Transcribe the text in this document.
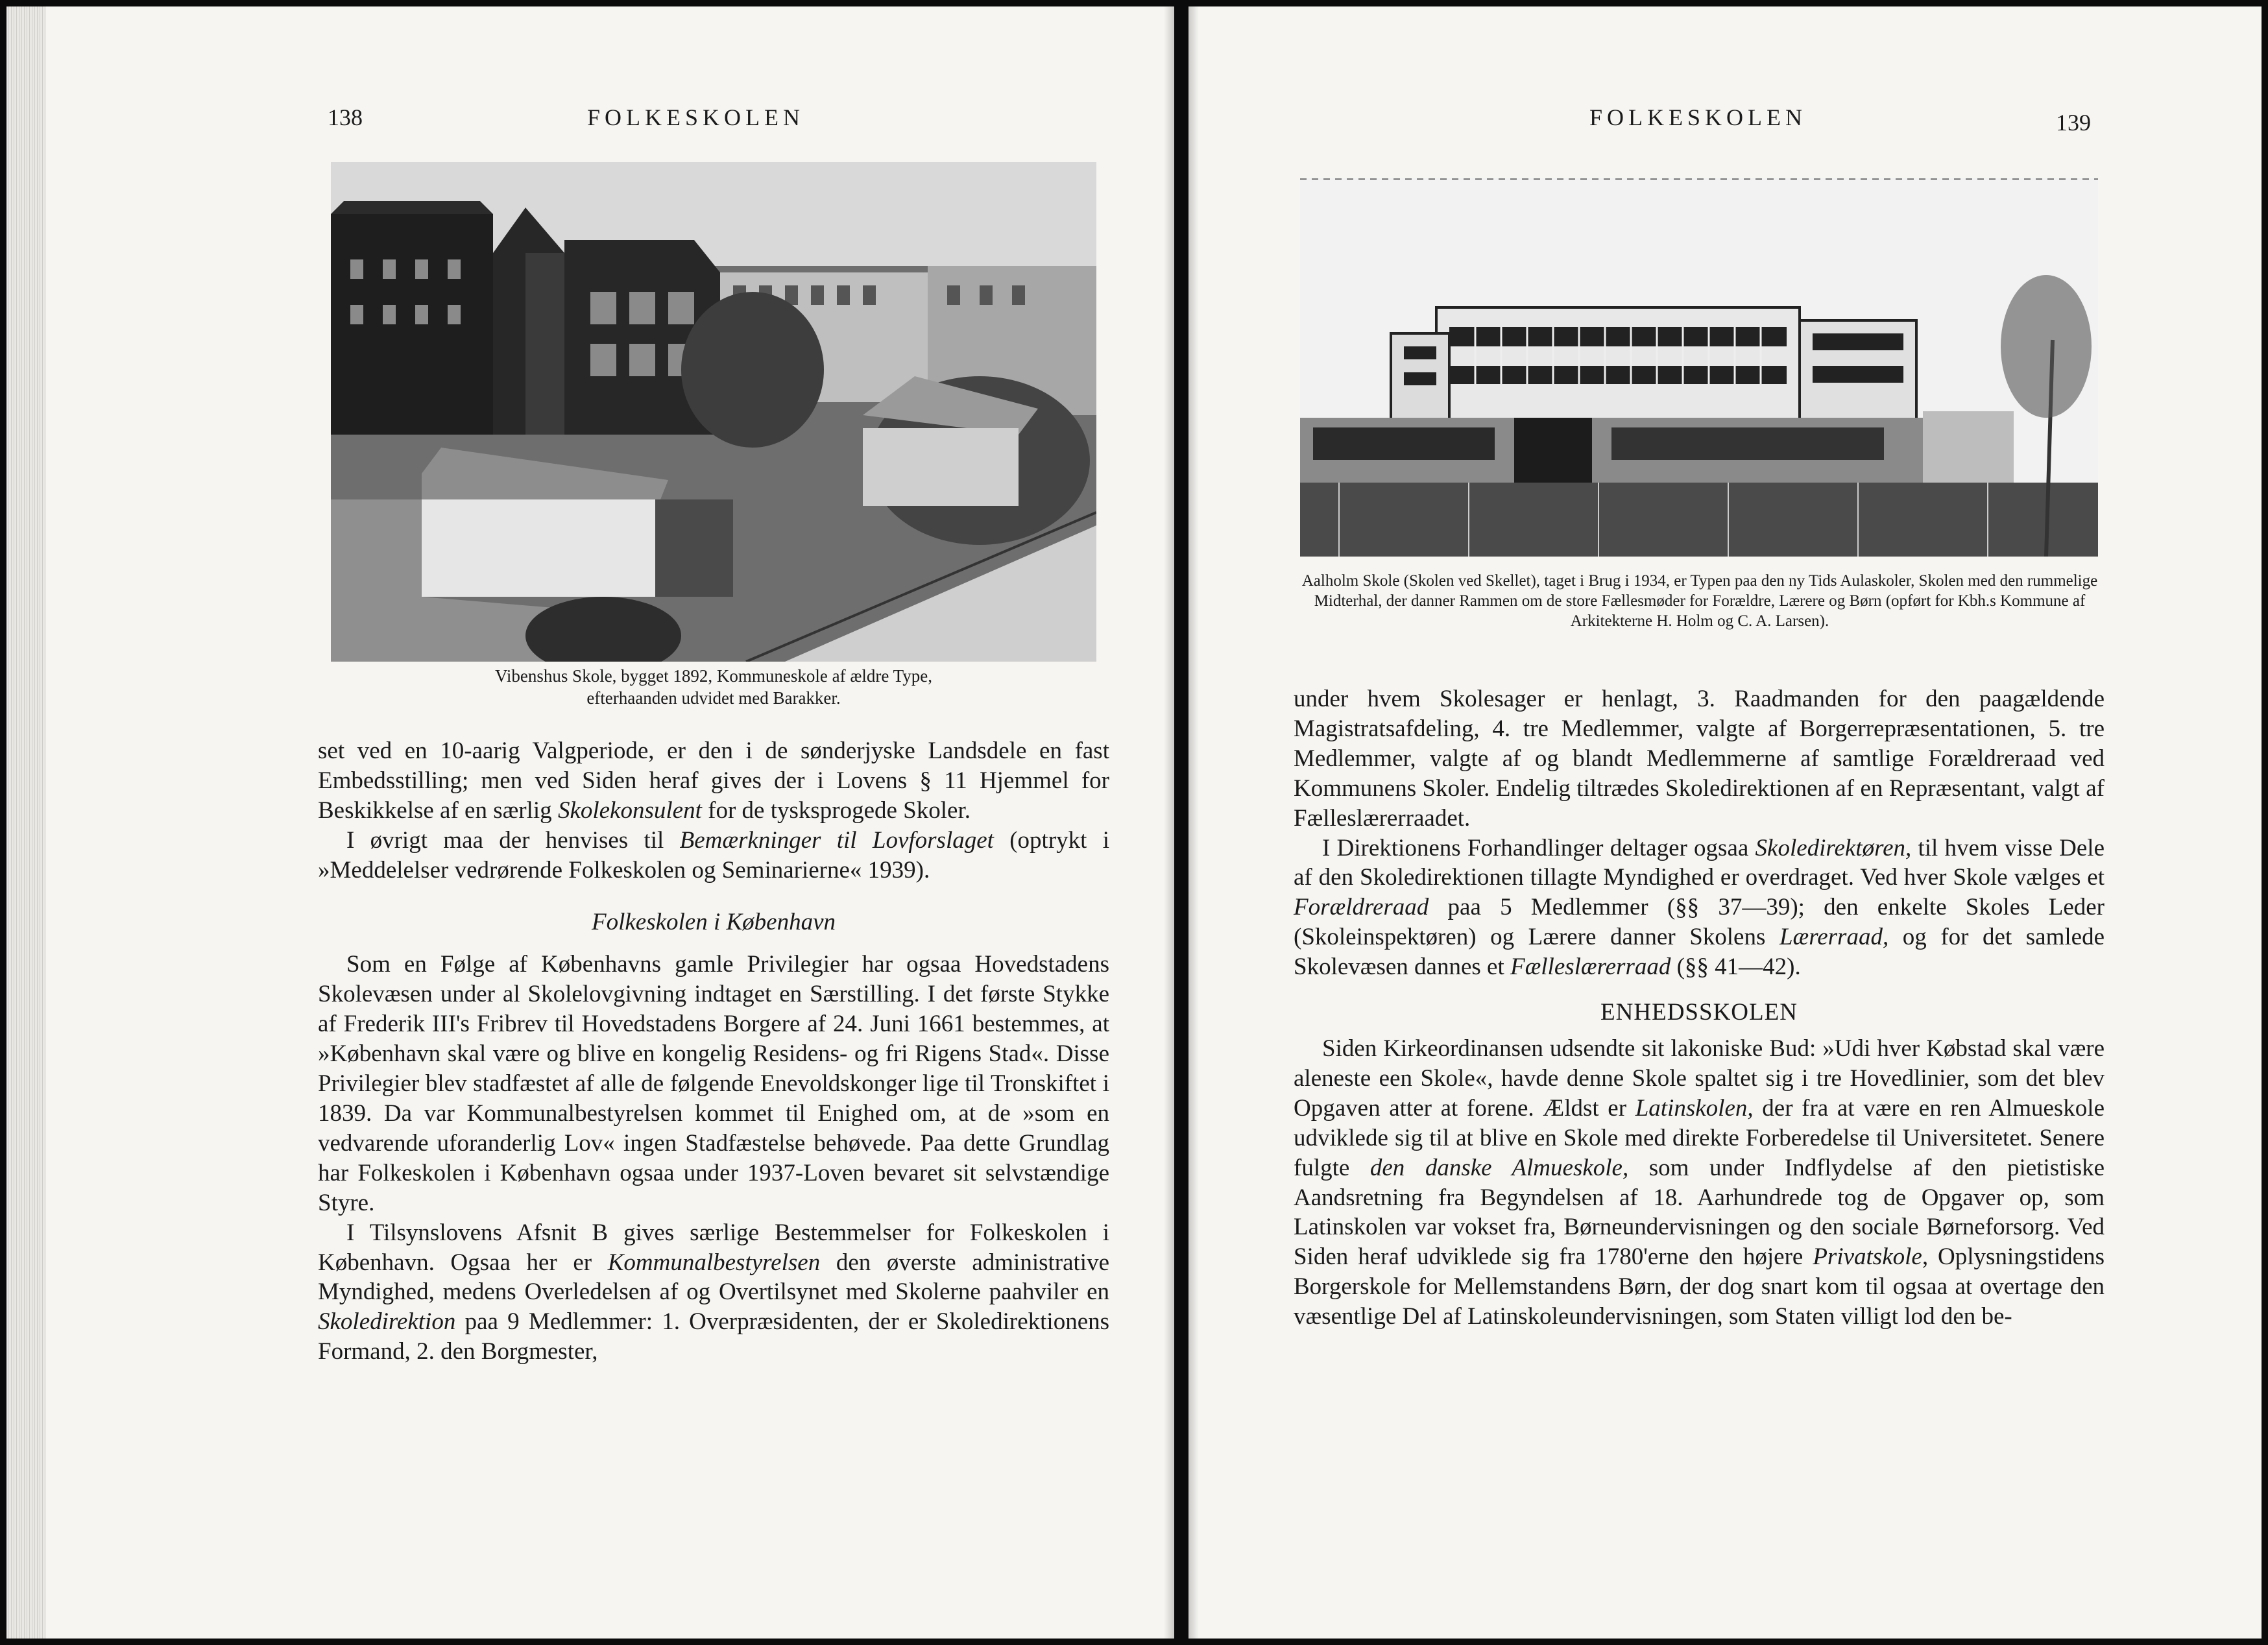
138	FOLKESKOLEN
Vibenshus Skole, bygget 1892, Kommuneskole af ældre Type,
efterhaanden udvidet med Barakker.

set ved en 10-aarig Valgperiode, er den i de sønderjyske Landsdele en fast Embedsstilling; men ved Siden heraf gives der i Lovens § 11 Hjemmel for Beskikkelse af en særlig Skolekonsulent for de tysksprogede Skoler.

I øvrigt maa der henvises til Bemærkninger til Lovforslaget (optrykt i »Meddelelser vedrørende Folkeskolen og Seminarierne« 1939).

Folkeskolen i København

Som en Følge af Københavns gamle Privilegier har ogsaa Hovedstadens Skolevæsen under al Skolelovgivning indtaget en Særstilling. I det første Stykke af Frederik III's Fribrev til Hovedstadens Borgere af 24. Juni 1661 bestemmes, at »København skal være og blive en kongelig Residens- og fri Rigens Stad«. Disse Privilegier blev stadfæstet af alle de følgende Enevoldskonger lige til Tronskiftet i 1839. Da var Kommunalbestyrelsen kommet til Enighed om, at de »som en vedvarende uforanderlig Lov« ingen Stadfæstelse behøvede. Paa dette Grundlag har Folkeskolen i København ogsaa under 1937-Loven bevaret sit selvstændige Styre.

I Tilsynslovens Afsnit B gives særlige Bestemmelser for Folkeskolen i København. Ogsaa her er Kommunalbestyrelsen den øverste administrative Myndighed, medens Overledelsen af og Overtilsynet med Skolerne paahviler en Skoledirektion paa 9 Medlemmer: 1. Overpræsidenten, der er Skoledirektionens Formand, 2. den Borgmester,

FOLKESKOLEN	139
Aalholm Skole (Skolen ved Skellet), taget i Brug i 1934, er Typen paa den ny Tids Aulaskoler, Skolen med den rummelige Midterhal, der danner Rammen om de store Fællesmøder for Forældre, Lærere og Børn (opført for Kbh.s Kommune af Arkitekterne H. Holm og C. A. Larsen).

under hvem Skolesager er henlagt, 3. Raadmanden for den paagældende Magistratsafdeling, 4. tre Medlemmer, valgte af Borgerrepræsentationen, 5. tre Medlemmer, valgte af og blandt Medlemmerne af samtlige Forældreraad ved Kommunens Skoler. Endelig tiltrædes Skoledirektionen af en Repræsentant, valgt af Fælleslærerraadet.

I Direktionens Forhandlinger deltager ogsaa Skoledirektøren, til hvem visse Dele af den Skoledirektionen tillagte Myndighed er overdraget. Ved hver Skole vælges et Forældreraad paa 5 Medlemmer (§§ 37—39); den enkelte Skoles Leder (Skoleinspektøren) og Lærere danner Skolens Lærerraad, og for det samlede Skolevæsen dannes et Fælleslærerraad (§§ 41—42).

ENHEDSSKOLEN

Siden Kirkeordinansen udsendte sit lakoniske Bud: »Udi hver Købstad skal være aleneste een Skole«, havde denne Skole spaltet sig i tre Hovedlinier, som det blev Opgaven atter at forene. Ældst er Latinskolen, der fra at være en ren Almueskole udviklede sig til at blive en Skole med direkte Forberedelse til Universitetet. Senere fulgte den danske Almueskole, som under Indflydelse af den pietistiske Aandsretning fra Begyndelsen af 18. Aarhundrede tog de Opgaver op, som Latinskolen var vokset fra, Børneundervisningen og den sociale Børneforsorg. Ved Siden heraf udviklede sig fra 1780'erne den højere Privatskole, Oplysningstidens Borgerskole for Mellemstandens Børn, der dog snart kom til ogsaa at overtage den væsentlige Del af Latinskoleundervisningen, som Staten villigt lod den be-
